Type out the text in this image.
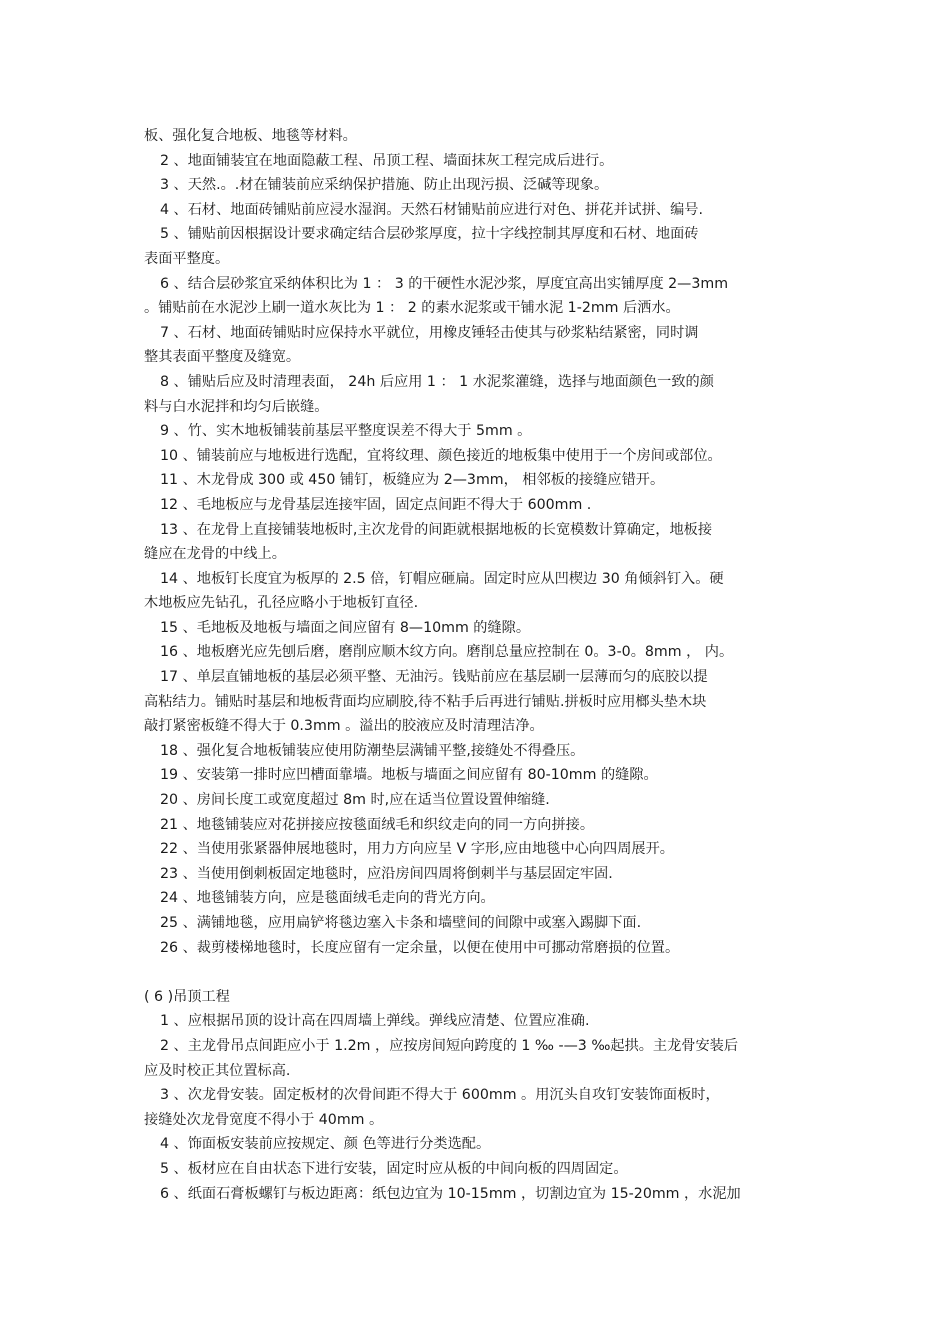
板、强化复合地板、地毯等材料。
2 、地面铺装宜在地面隐蔽工程、吊顶工程、墙面抹灰工程完成后进行。
3 、天然.。.材在铺装前应采纳保护措施、防止出现污损、泛碱等现象。
4 、石材、地面砖铺贴前应浸水湿润。天然石材铺贴前应进行对色、拼花并试拼、编号.
5 、铺贴前因根据设计要求确定结合层砂浆厚度，拉十字线控制其厚度和石材、地面砖
表面平整度。
6 、结合层砂浆宜采纳体积比为 1 ： 3 的干硬性水泥沙浆，厚度宜高出实铺厚度 2—3mm
。铺贴前在水泥沙上刷一道水灰比为 1 ： 2 的素水泥浆或干铺水泥 1-2mm 后洒水。
7 、石材、地面砖铺贴时应保持水平就位，用橡皮锤轻击使其与砂浆粘结紧密，同时调
整其表面平整度及缝宽。
8 、铺贴后应及时清理表面， 24h 后应用 1 ： 1 水泥浆灌缝，选择与地面颜色一致的颜
料与白水泥拌和均匀后嵌缝。
9 、竹、实木地板铺装前基层平整度误差不得大于 5mm 。
10 、铺装前应与地板进行选配，宜将纹理、颜色接近的地板集中使用于一个房间或部位。
11 、木龙骨成 300 或 450 铺钉，板缝应为 2—3mm， 相邻板的接缝应错开。
12 、毛地板应与龙骨基层连接牢固，固定点间距不得大于 600mm .
13 、在龙骨上直接铺装地板时,主次龙骨的间距就根据地板的长宽模数计算确定，地板接
缝应在龙骨的中线上。
14 、地板钉长度宜为板厚的 2.5 倍，钉帽应砸扁。固定时应从凹楔边 30 角倾斜钉入。硬
木地板应先钻孔，孔径应略小于地板钉直径.
15 、毛地板及地板与墙面之间应留有 8—10mm 的缝隙。
16 、地板磨光应先刨后磨，磨削应顺木纹方向。磨削总量应控制在 0。3-0。8mm ， 内。
17 、单层直铺地板的基层必须平整、无油污。钱贴前应在基层刷一层薄而匀的底胶以提
高粘结力。铺贴时基层和地板背面均应刷胶,待不粘手后再进行铺贴.拼板时应用榔头垫木块
敲打紧密板缝不得大于 0.3mm 。溢出的胶液应及时清理洁净。
18 、强化复合地板铺装应使用防潮垫层满铺平整,接缝处不得叠压。
19 、安装第一排时应凹槽面靠墙。地板与墙面之间应留有 80-10mm 的缝隙。
20 、房间长度工或宽度超过 8m 时,应在适当位置设置伸缩缝.
21 、地毯铺装应对花拼接应按毯面绒毛和织纹走向的同一方向拼接。
22 、当使用张紧器伸展地毯时，用力方向应呈 V 字形,应由地毯中心向四周展开。
23 、当使用倒刺板固定地毯时，应沿房间四周将倒刺半与基层固定牢固.
24 、地毯铺装方向，应是毯面绒毛走向的背光方向。
25 、满铺地毯，应用扁铲将毯边塞入卡条和墙壁间的间隙中或塞入踢脚下面.
26 、裁剪楼梯地毯时，长度应留有一定余量，以便在使用中可挪动常磨损的位置。
( 6 )吊顶工程
1 、应根据吊顶的设计高在四周墙上弹线。弹线应清楚、位置应准确.
2 、主龙骨吊点间距应小于 1.2m ，应按房间短向跨度的 1 ‰ -—3 ‰起拱。主龙骨安装后
应及时校正其位置标高.
3 、次龙骨安装。固定板材的次骨间距不得大于 600mm 。用沉头自攻钉安装饰面板时，
接缝处次龙骨宽度不得小于 40mm 。
4 、饰面板安装前应按规定、颜 色等进行分类选配。
5 、板材应在自由状态下进行安装，固定时应从板的中间向板的四周固定。
6 、纸面石膏板螺钉与板边距离：纸包边宜为 10-15mm ，切割边宜为 15-20mm ，水泥加
